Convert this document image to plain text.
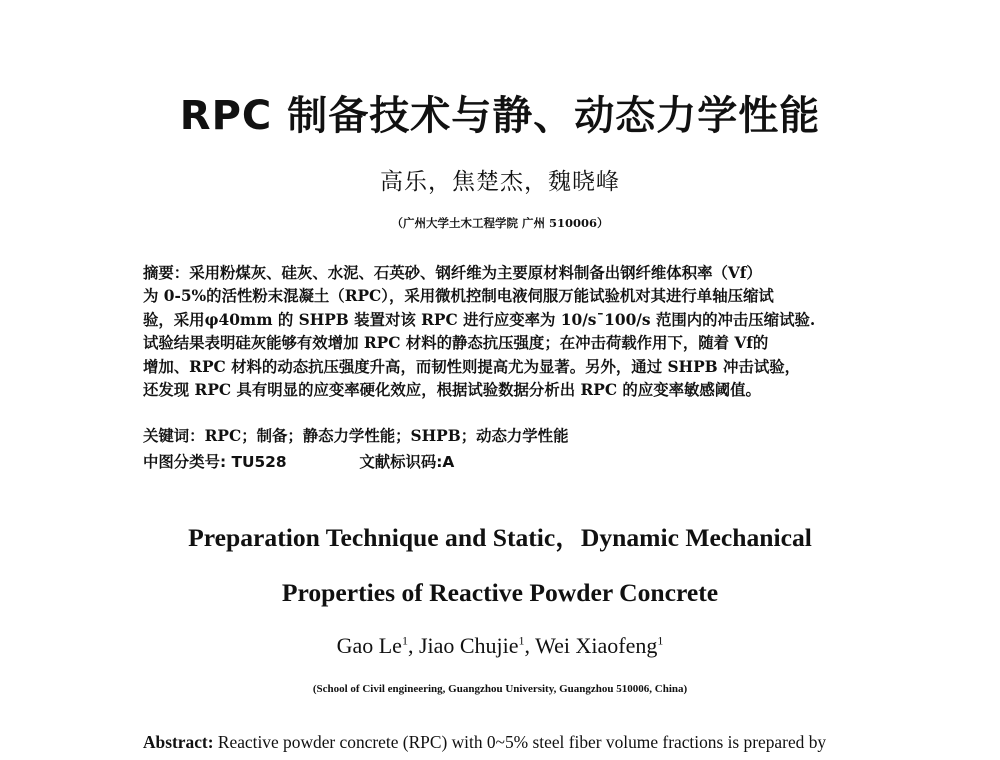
RPC 制备技术与静、动态力学性能
高乐，焦楚杰，魏晓峰
（广州大学土木工程学院 广州 510006）
摘要：采用粉煤灰、硅灰、水泥、石英砂、钢纤维为主要原材料制备出钢纤维体积率（Vf）
为 0-5%的活性粉末混凝土（RPC），采用微机控制电液伺服万能试验机对其进行单轴压缩试
验，采用φ40mm 的 SHPB 装置对该 RPC 进行应变率为 10/s¯100/s 范围内的冲击压缩试验.
试验结果表明硅灰能够有效增加 RPC 材料的静态抗压强度；在冲击荷载作用下，随着 Vf的
增加、RPC 材料的动态抗压强度升高，而韧性则提高尤为显著。另外，通过 SHPB 冲击试验，
还发现 RPC 具有明显的应变率硬化效应，根据试验数据分析出 RPC 的应变率敏感阈值。
关键词：RPC；制备；静态力学性能；SHPB；动态力学性能
中图分类号: TU528	文献标识码:A
Preparation Technique and Static，Dynamic Mechanical
Properties of Reactive Powder Concrete
Gao Le$^1$, Jiao Chujie$^1$, Wei Xiaofeng$^1$
(School of Civil engineering, Guangzhou University, Guangzhou 510006, China)
Abstract: Reactive powder concrete (RPC) with 0~5% steel fiber volume fractions is prepared by
